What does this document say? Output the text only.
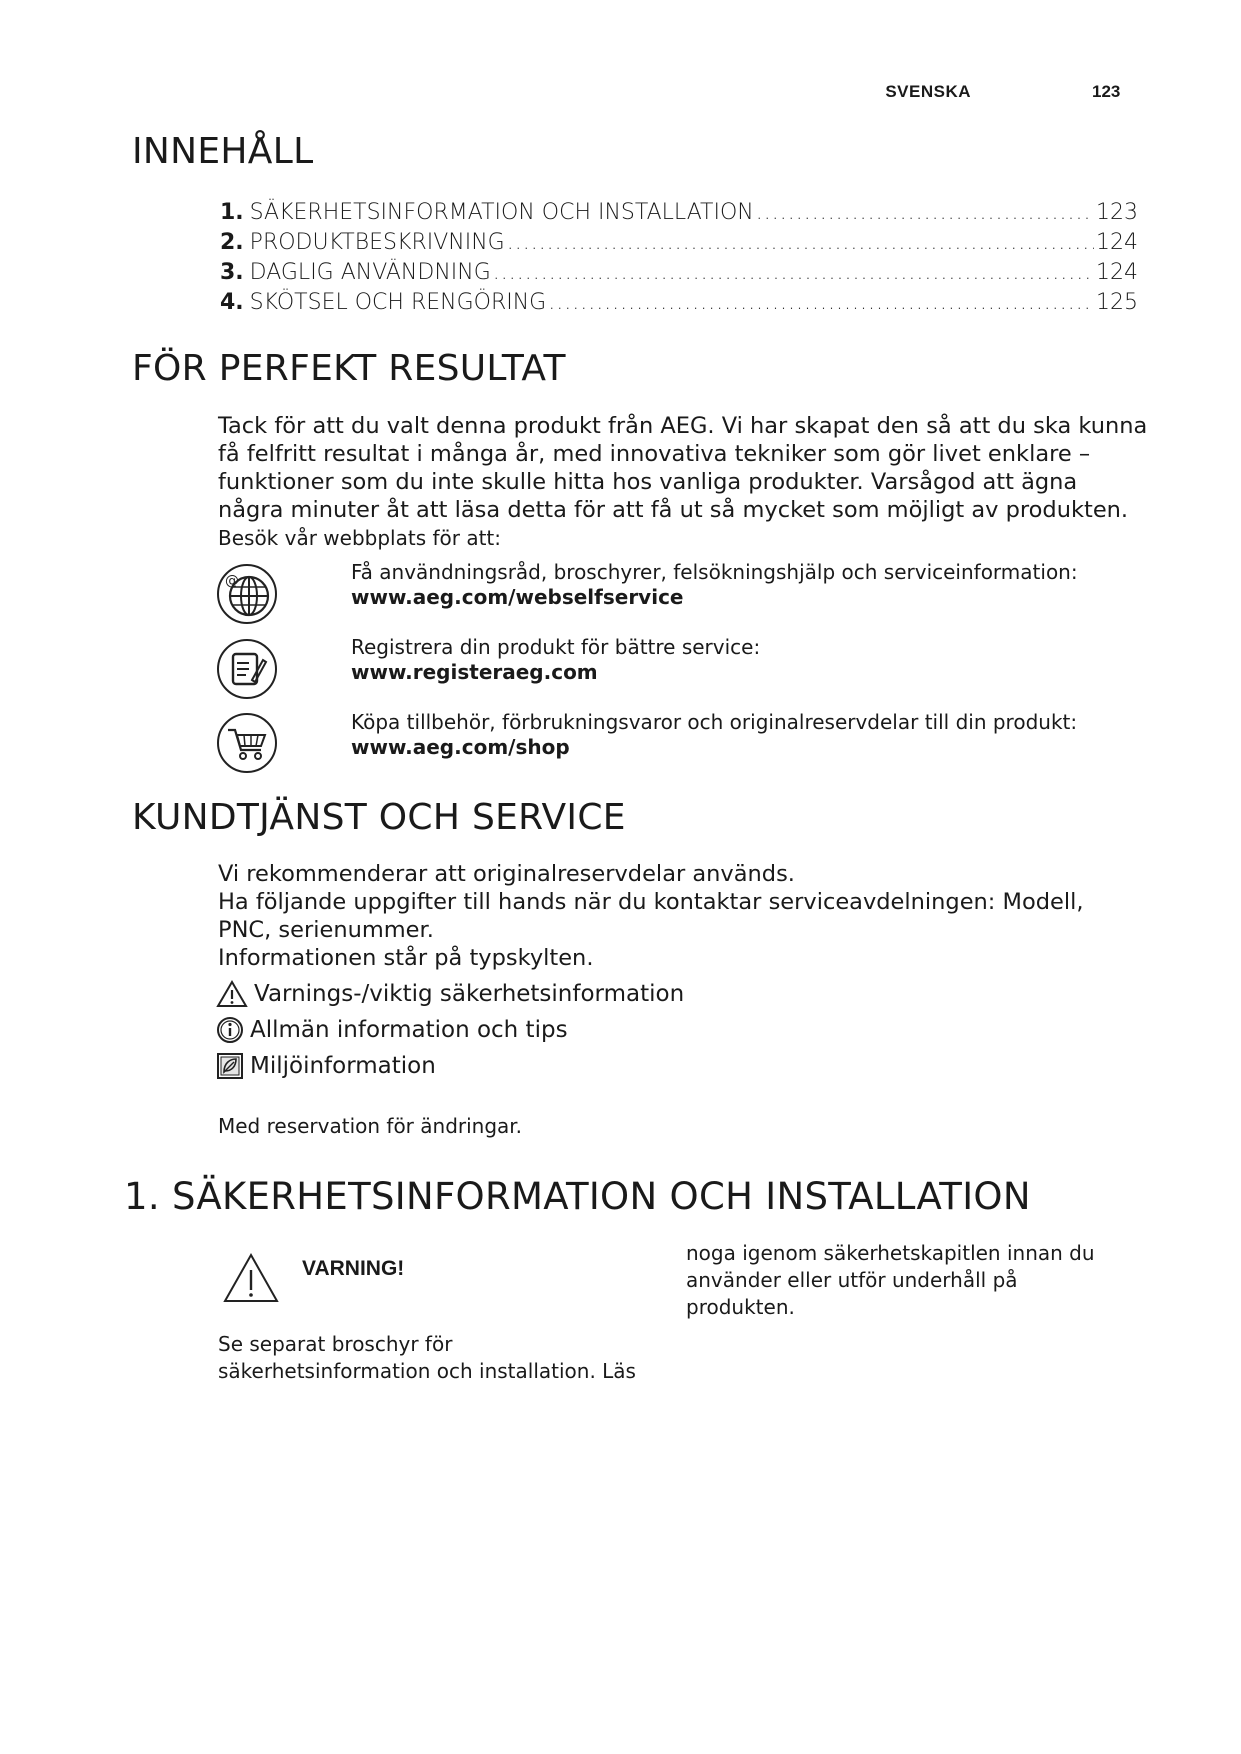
SVENSKA	123
INNEHÅLL
1. SÄKERHETSINFORMATION OCH INSTALLATION .....	123
2. PRODUKTBESKRIVNING .....	124
3. DAGLIG ANVÄNDNING .....	124
4. SKÖTSEL OCH RENGÖRING .....	125
FÖR PERFEKT RESULTAT
Tack för att du valt denna produkt från AEG. Vi har skapat den så att du ska kunna
få felfritt resultat i många år, med innovativa tekniker som gör livet enklare –
funktioner som du inte skulle hitta hos vanliga produkter. Varsågod att ägna
några minuter åt att läsa detta för att få ut så mycket som möjligt av produkten.
Besök vår webbplats för att:
@	Få användningsråd, broschyrer, felsökningshjälp och serviceinformation:
www.aeg.com/webselfservice
Registrera din produkt för bättre service:
www.registeraeg.com
Köpa tillbehör, förbrukningsvaror och originalreservdelar till din produkt:
www.aeg.com/shop
KUNDTJÄNST OCH SERVICE
Vi rekommenderar att originalreservdelar används.
Ha följande uppgifter till hands när du kontaktar serviceavdelningen: Modell,
PNC, serienummer.
Informationen står på typskylten.
Varnings-/viktig säkerhetsinformation
Allmän information och tips
Miljöinformation
Med reservation för ändringar.
1. SÄKERHETSINFORMATION OCH INSTALLATION
VARNING!
Se separat broschyr för
säkerhetsinformation och installation. Läs
noga igenom säkerhetskapitlen innan du
använder eller utför underhåll på
produkten.
